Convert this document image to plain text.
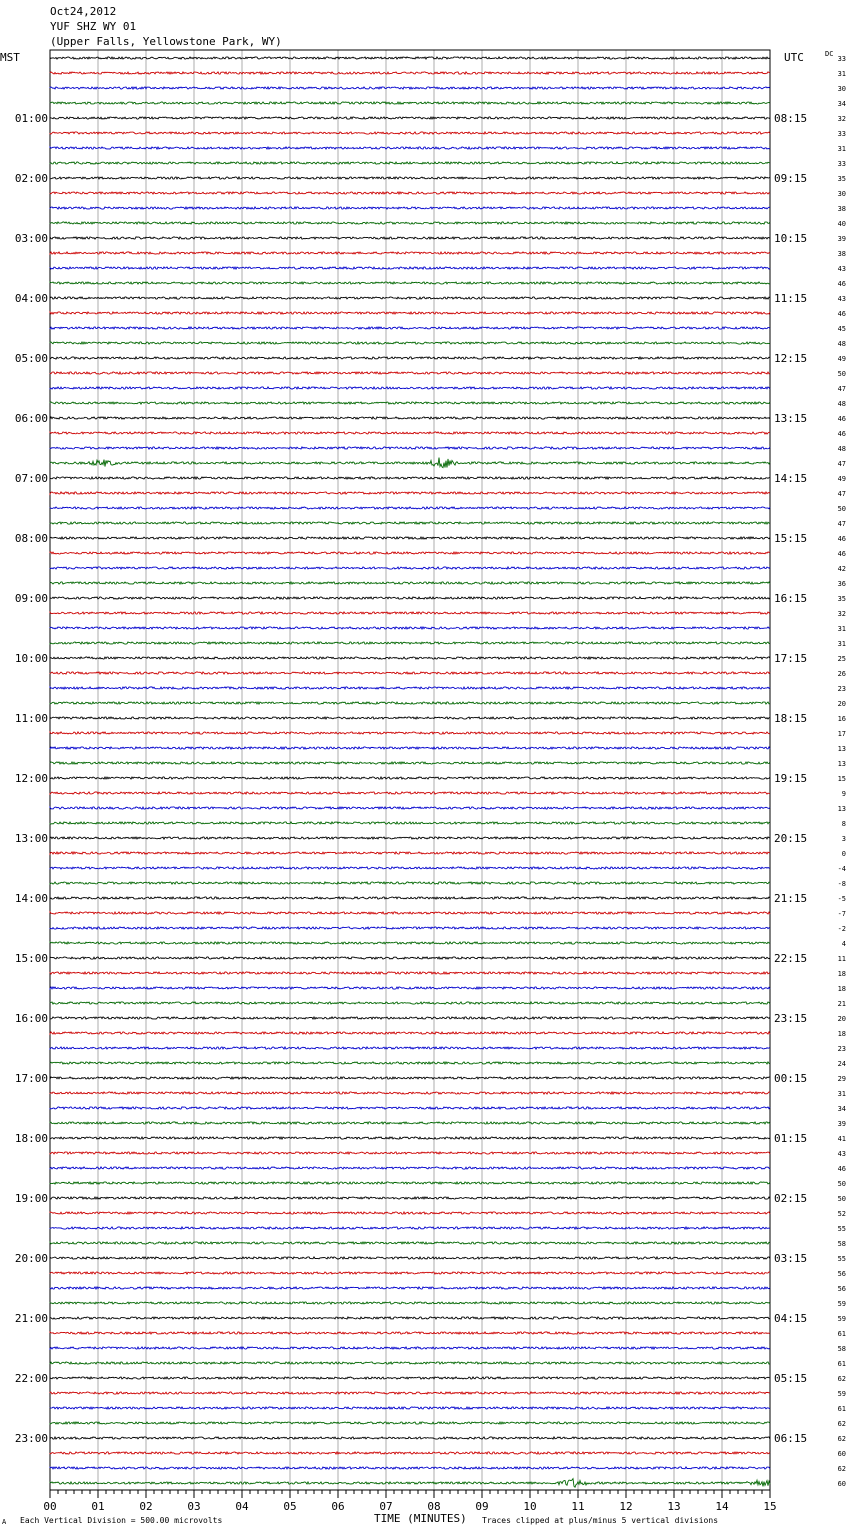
Oct24,2012
YUF SHZ WY 01
(Upper Falls, Yellowstone Park, WY)
MST	UTC	DC
33
31
30
34
32
33
31
33
35
30
38
40
39
38
43
46
43
46
45
48
49
50
47
48
46
46
48
47
49
47
50
47
46
46
42
36
35
32
31
31
25
26
23
20
16
17
13
13
15
9
13
8
3
0
-4
-8
-5
-7
-2
4
11
18
18
21
20
18
23
24
29
31
34
39
41
43
46
50
50
52
55
58
55
56
56
59
59
61
58
61
62
59
61
62
62
60
62
60
01:00	08:15
02:00	09:15
03:00	10:15
04:00	11:15
05:00	12:15
06:00	13:15
07:00	14:15
08:00	15:15
09:00	16:15
10:00	17:15
11:00	18:15
12:00	19:15
13:00	20:15
14:00	21:15
15:00	22:15
16:00	23:15
17:00	00:15
18:00	01:15
19:00	02:15
20:00	03:15
21:00	04:15
22:00	05:15
23:00	06:15
00	01	02	03	04	05	06	07	08	09	10	11	12	13	14	15
A Each Vertical Division = 500.00 microvolts	TIME (MINUTES) Traces clipped at plus/minus 5 vertical divisions
